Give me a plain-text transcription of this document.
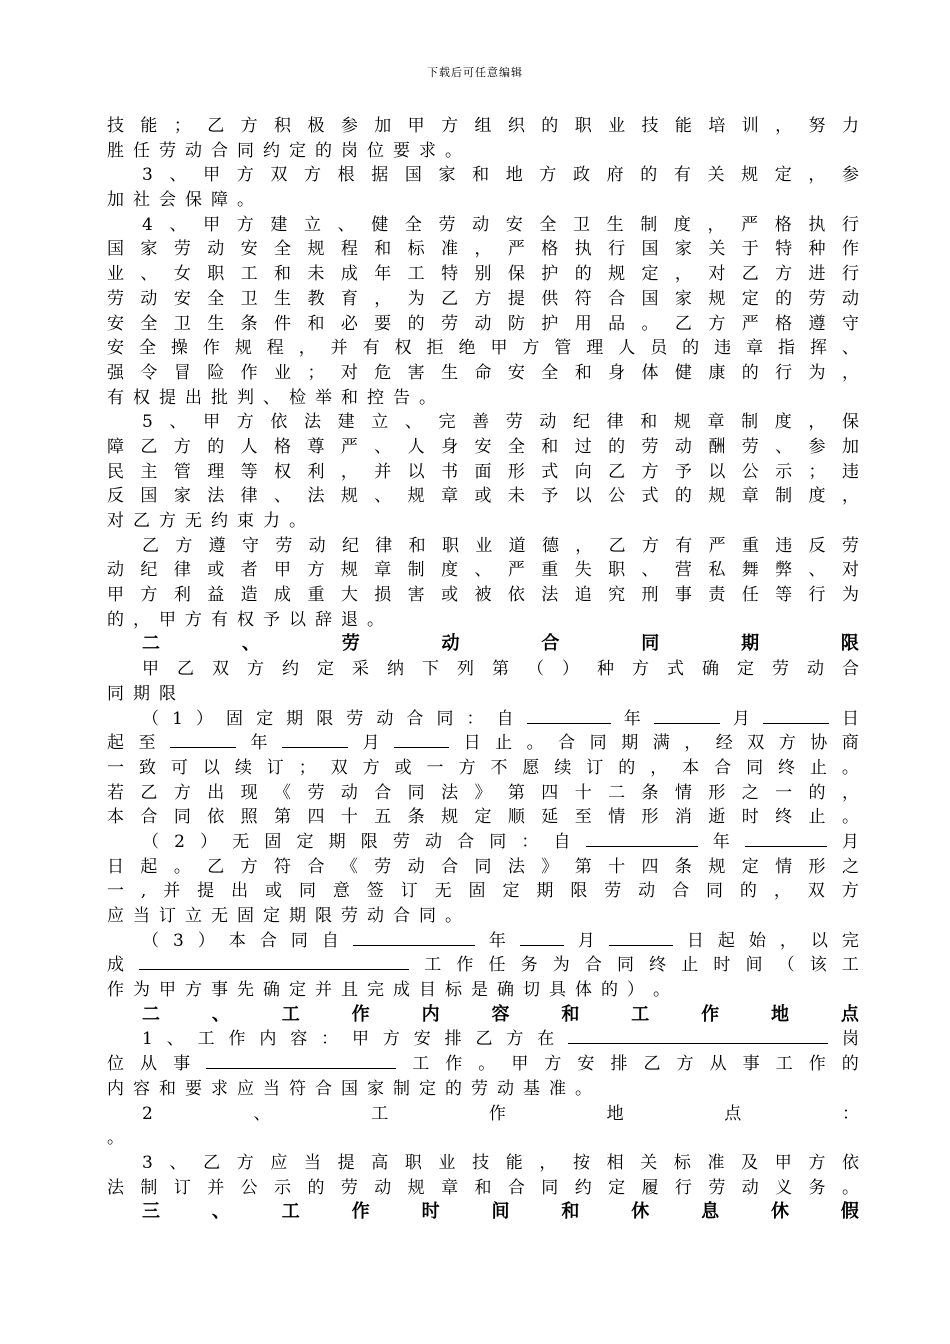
下载后可任意编辑
技 能 ； 乙 方 积 极 参 加 甲 方 组 织 的 职 业 技 能 培 训 ， 努 力
胜 任 劳 动 合 同 约 定 的 岗 位 要 求 。
3 、 甲 方 双 方 根 据 国 家 和 地 方 政 府 的 有 关 规 定 ， 参
加 社 会 保 障 。
4 、 甲 方 建 立 、 健 全 劳 动 安 全 卫 生 制 度 ， 严 格 执 行
国 家 劳 动 安 全 规 程 和 标 准 ， 严 格 执 行 国 家 关 于 特 种 作
业 、 女 职 工 和 未 成 年 工 特 别 保 护 的 规 定 ， 对 乙 方 进 行
劳 动 安 全 卫 生 教 育 ， 为 乙 方 提 供 符 合 国 家 规 定 的 劳 动
安 全 卫 生 条 件 和 必 要 的 劳 动 防 护 用 品 。 乙 方 严 格 遵 守
安 全 操 作 规 程 ， 并 有 权 拒 绝 甲 方 管 理 人 员 的 违 章 指 挥 、
强 令 冒 险 作 业 ； 对 危 害 生 命 安 全 和 身 体 健 康 的 行 为 ，
有 权 提 出 批 判 、 检 举 和 控 告 。
5 、 甲 方 依 法 建 立 、 完 善 劳 动 纪 律 和 规 章 制 度 ， 保
障 乙 方 的 人 格 尊 严 、 人 身 安 全 和 过 的 劳 动 酬 劳 、 参 加
民 主 管 理 等 权 利 ， 并 以 书 面 形 式 向 乙 方 予 以 公 示 ； 违
反 国 家 法 律 、 法 规 、 规 章 或 未 予 以 公 式 的 规 章 制 度 ，
对 乙 方 无 约 束 力 。
乙 方 遵 守 劳 动 纪 律 和 职 业 道 德 ， 乙 方 有 严 重 违 反 劳
动 纪 律 或 者 甲 方 规 章 制 度 、 严 重 失 职 、 营 私 舞 弊 、 对
甲 方 利 益 造 成 重 大 损 害 或 被 依 法 追 究 刑 事 责 任 等 行 为
的 ， 甲 方 有 权 予 以 辞 退 。
二	、	劳	动	合	同	期	限
甲 乙 双 方 约 定 采 纳 下 列 第 （ ） 种 方 式 确 定 劳 动 合
同 期 限
（ 1 ） 固 定 期 限 劳 动 合 同 ： 自	年	月	日
起 至	年	月	日 止 。 合 同 期 满 ， 经 双 方 协 商
一 致 可 以 续 订 ； 双 方 或 一 方 不 愿 续 订 的 ， 本 合 同 终 止 。
若 乙 方 出 现 《 劳 动 合 同 法 》 第 四 十 二 条 情 形 之 一 的 ，
本 合 同 依 照 第 四 十 五 条 规 定 顺 延 至 情 形 消 逝 时 终 止 。
（ 2 ） 无 固 定 期 限 劳 动 合 同 ： 自	年	月
日 起 。 乙 方 符 合 《 劳 动 合 同 法 》 第 十 四 条 规 定 情 形 之
一 , 并 提 出 或 同 意 签 订 无 固 定 期 限 劳 动 合 同 的 ， 双 方
应 当 订 立 无 固 定 期 限 劳 动 合 同 。
（ 3 ） 本 合 同 自	年	月	日 起 始 ， 以 完
成	工 作 任 务 为 合 同 终 止 时 间 （ 该 工
作 为 甲 方 事 先 确 定 并 且 完 成 目 标 是 确 切 具 体 的 ） 。
二	、	工	作	内	容	和	工	作	地	点
1 、 工 作 内 容 ： 甲 方 安 排 乙 方 在	岗
位 从 事	工 作 。 甲 方 安 排 乙 方 从 事 工 作 的
内 容 和 要 求 应 当 符 合 国 家 制 定 的 劳 动 基 准 。
2	、	工	作	地	点	：
。
3 、 乙 方 应 当 提 高 职 业 技 能 ， 按 相 关 标 准 及 甲 方 依
法 制 订 并 公 示 的 劳 动 规 章 和 合 同 约 定 履 行 劳 动 义 务 。
三	、	工	作	时	间	和	休	息	休	假
